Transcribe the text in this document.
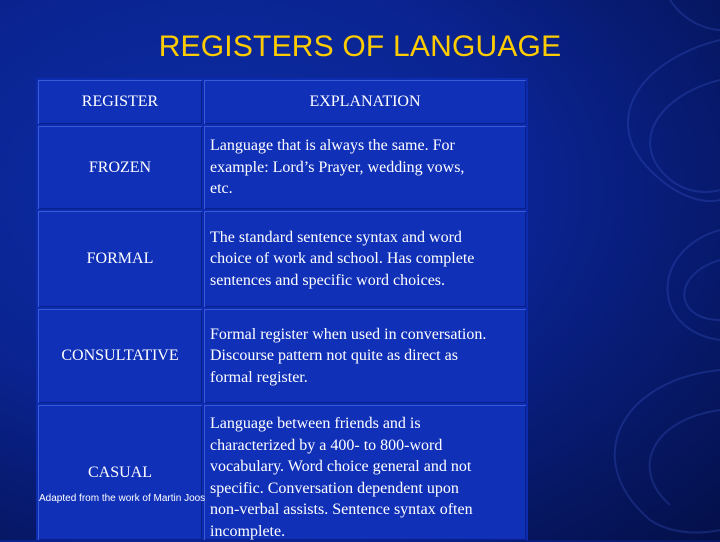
REGISTERS OF LANGUAGE
REGISTER	EXPLANATION
FROZEN
Language that is always the same. For
example: Lord’s Prayer, wedding vows,
etc.
FORMAL
The standard sentence syntax and word
choice of work and school. Has complete
sentences and specific word choices.
CONSULTATIVE
Formal register when used in conversation.
Discourse pattern not quite as direct as
formal register.
CASUAL
Language between friends and is
characterized by a 400- to 800-word
vocabulary. Word choice general and not
specific. Conversation dependent upon
non-verbal assists. Sentence syntax often
incomplete.
Adapted from the work of Martin Joos
